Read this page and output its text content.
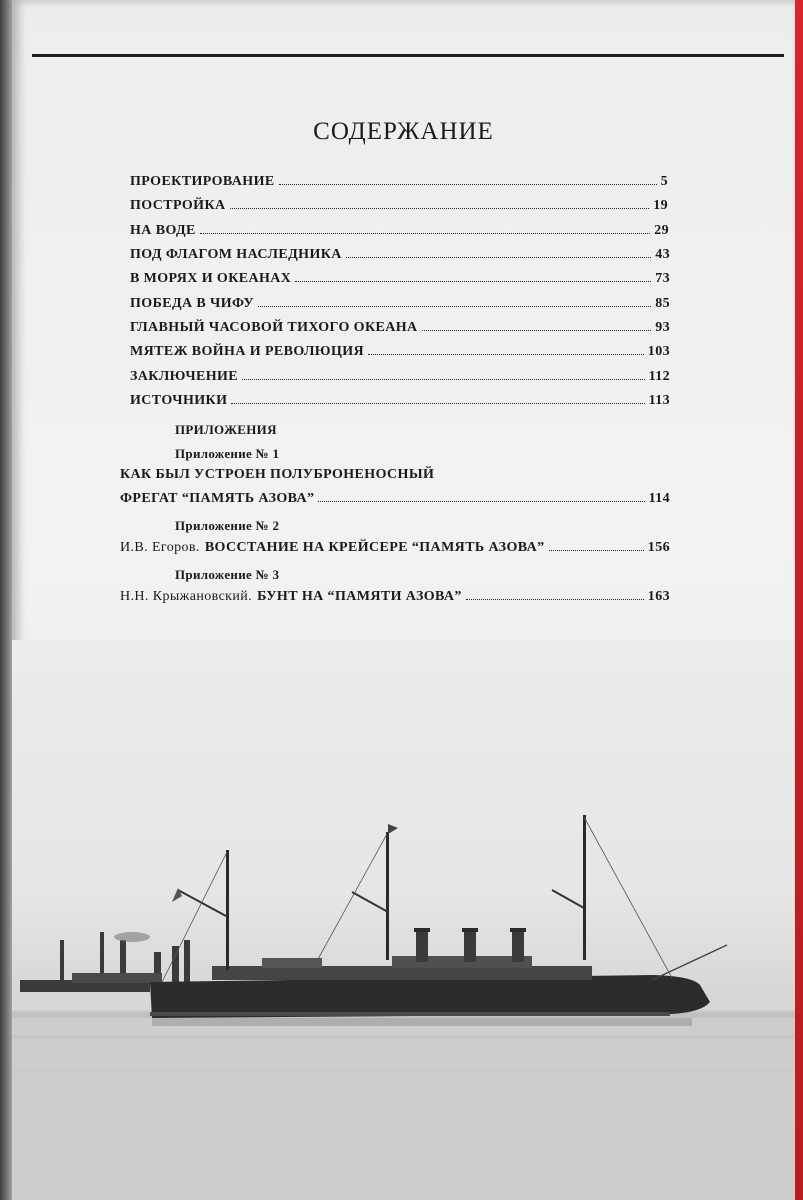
СОДЕРЖАНИЕ
ПРОЕКТИРОВАНИЕ	5
ПОСТРОЙКА	19
НА ВОДЕ	29
ПОД ФЛАГОМ НАСЛЕДНИКА	43
В МОРЯХ И ОКЕАНАХ	73
ПОБЕДА В ЧИФУ	85
ГЛАВНЫЙ ЧАСОВОЙ ТИХОГО ОКЕАНА	93
МЯТЕЖ ВОЙНА И РЕВОЛЮЦИЯ	103
ЗАКЛЮЧЕНИЕ	112
ИСТОЧНИКИ	113
ПРИЛОЖЕНИЯ
Приложение № 1
КАК БЫЛ УСТРОЕН ПОЛУБРОНЕНОСНЫЙ
ФРЕГАТ “ПАМЯТЬ АЗОВА”	114
Приложение № 2
И.В. Егоров. ВОССТАНИЕ НА КРЕЙСЕРЕ “ПАМЯТЬ АЗОВА”	156
Приложение № 3
Н.Н. Крыжановский. БУНТ НА “ПАМЯТИ АЗОВА”	163
